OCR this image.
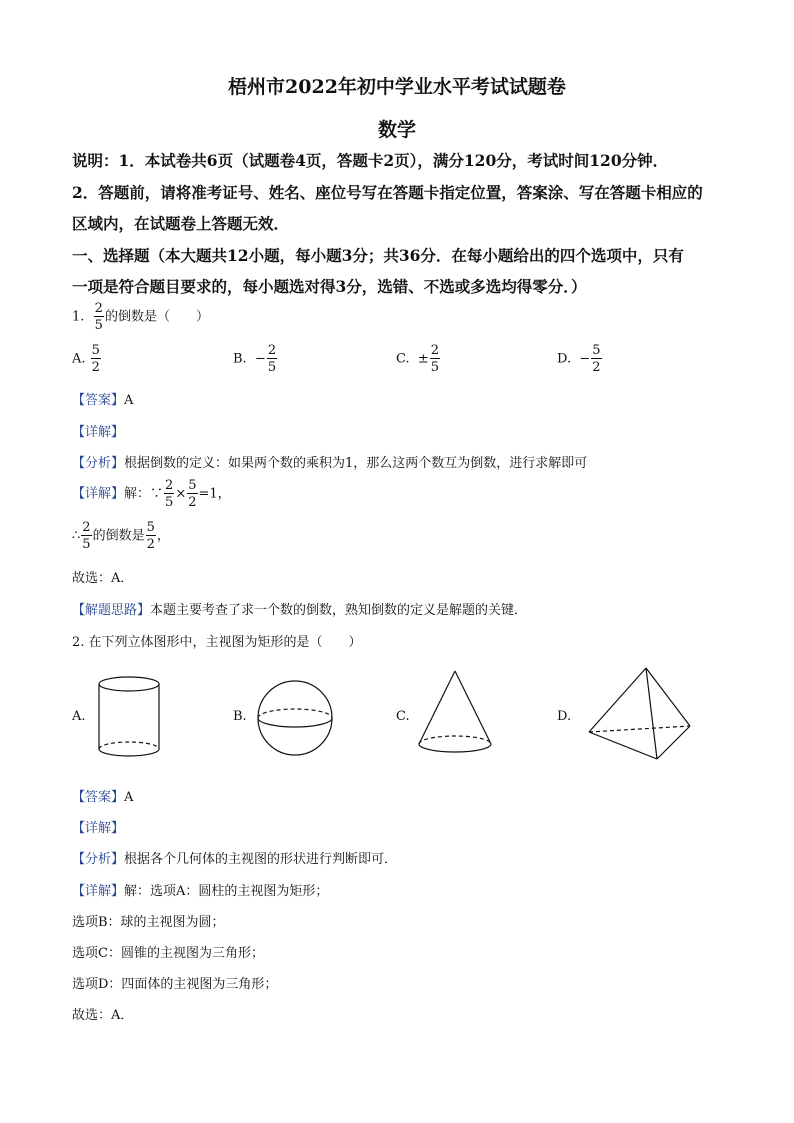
梧州市2022年初中学业水平考试试题卷
数学
说明：1．本试卷共6页（试题卷4页，答题卡2页），满分120分，考试时间120分钟．
2．答题前，请将准考证号、姓名、座位号写在答题卡指定位置，答案涂、写在答题卡相应的
区域内，在试题卷上答题无效．
一、选择题（本大题共12小题，每小题3分；共36分．在每小题给出的四个选项中，只有
一项是符合题目要求的，每小题选对得3分，选错、不选或多选均得零分．）
1. $\frac{2}{5}$ 的倒数是（　　）
A. $\frac{5}{2}$	B. − $\frac{2}{5}$	C. ± $\frac{2}{5}$	D. − $\frac{5}{2}$
【答案】A
【详解】
【分析】根据倒数的定义：如果两个数的乘积为1，那么这两个数互为倒数，进行求解即可
【详解】解：∵ $\frac{2}{5} \times \frac{5}{2} =1$，
∴ $\frac{2}{5}$ 的倒数是 $\frac{5}{2}$ ，
故选：A．
【解题思路】本题主要考查了求一个数的倒数，熟知倒数的定义是解题的关键．
2. 在下列立体图形中，主视图为矩形的是（　　）
A.	B.	C.	D.
【答案】A
【详解】
【分析】根据各个几何体的主视图的形状进行判断即可．
【详解】解：选项A：圆柱的主视图为矩形；
选项B：球的主视图为圆；
选项C：圆锥的主视图为三角形；
选项D：四面体的主视图为三角形；
故选：A．
